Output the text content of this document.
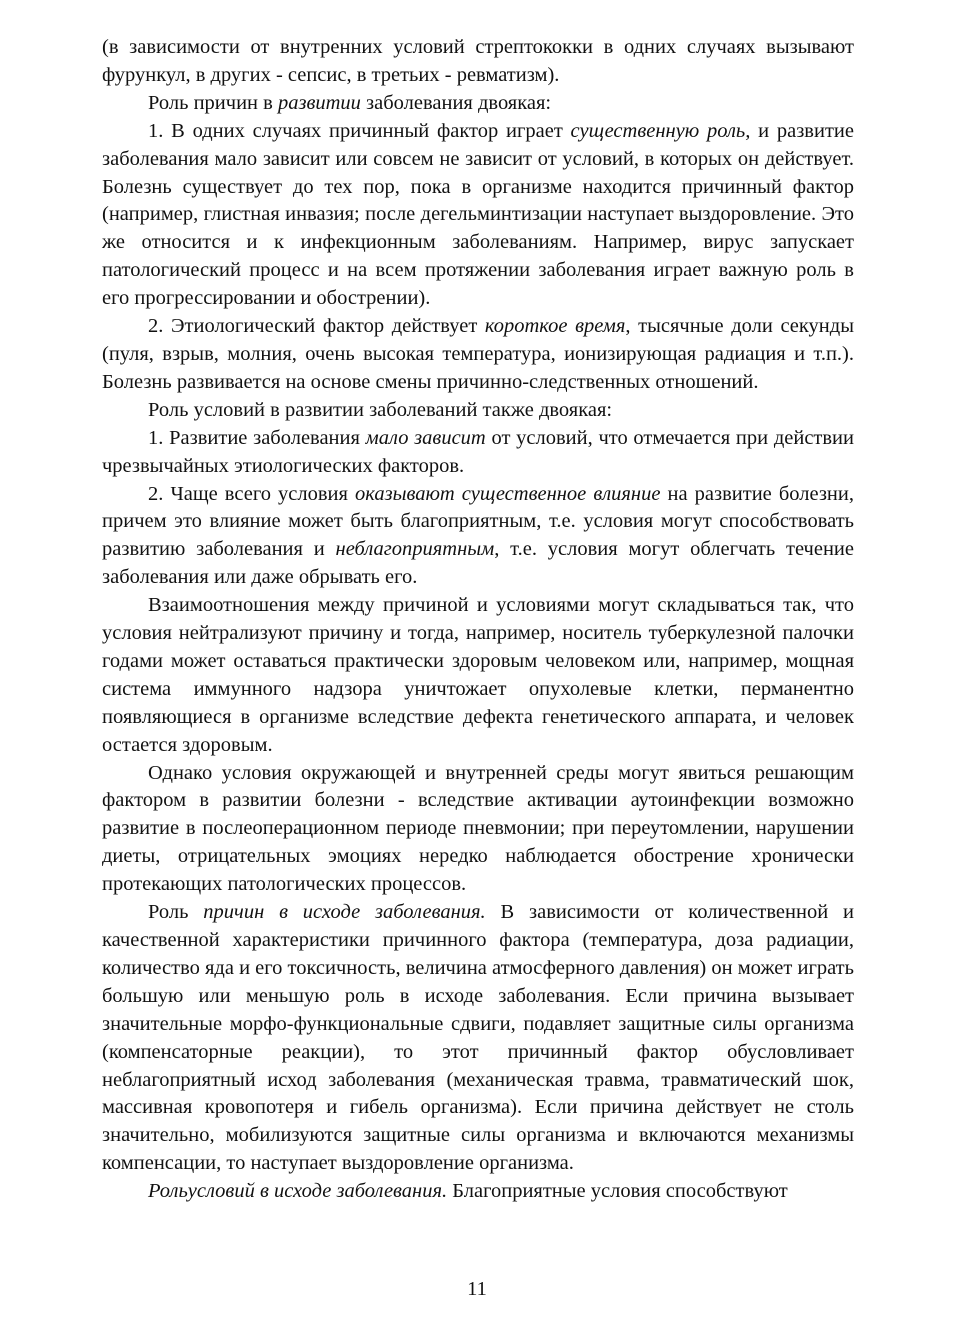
(в зависимости от внутренних условий стрептококки в одних случаях вызывают фурункул, в других - сепсис, в третьих - ревматизм).

Роль причин в развитии заболевания двоякая:

1. В одних случаях причинный фактор играет существенную роль, и развитие заболевания мало зависит или совсем не зависит от условий, в которых он действует. Болезнь существует до тех пор, пока в организме находится причинный фактор (например, глистная инвазия; после дегельминтизации наступает выздоровление. Это же относится и к инфекционным заболеваниям. Например, вирус запускает патологический процесс и на всем протяжении заболевания играет важную роль в его прогрессировании и обострении).

2. Этиологический фактор действует короткое время, тысячные доли секунды (пуля, взрыв, молния, очень высокая температура, ионизирующая радиация и т.п.). Болезнь развивается на основе смены причинно-следственных отношений.

Роль условий в развитии заболеваний также двоякая:

1. Развитие заболевания мало зависит от условий, что отмечается при действии чрезвычайных этиологических факторов.

2. Чаще всего условия оказывают существенное влияние на развитие болезни, причем это влияние может быть благоприятным, т.е. условия могут способствовать развитию заболевания и неблагоприятным, т.е. условия могут облегчать течение заболевания или даже обрывать его.

Взаимоотношения между причиной и условиями могут складываться так, что условия нейтрализуют причину и тогда, например, носитель туберкулезной палочки годами может оставаться практически здоровым человеком или, например, мощная система иммунного надзора уничтожает опухолевые клетки, перманентно появляющиеся в организме вследствие дефекта генетического аппарата, и человек остается здоровым.

Однако условия окружающей и внутренней среды могут явиться решающим фактором в развитии болезни - вследствие активации аутоинфекции возможно развитие в послеоперационном периоде пневмонии; при переутомлении, нарушении диеты, отрицательных эмоциях нередко наблюдается обострение хронически протекающих патологических процессов.

Роль причин в исходе заболевания. В зависимости от количественной и качественной характеристики причинного фактора (температура, доза радиации, количество яда и его токсичность, величина атмосферного давления) он может играть большую или меньшую роль в исходе заболевания. Если причина вызывает значительные морфо-функциональные сдвиги, подавляет защитные силы организма (компенсаторные реакции), то этот причинный фактор обусловливает неблагоприятный исход заболевания (механическая травма, травматический шок, массивная кровопотеря и гибель организма). Если причина действует не столь значительно, мобилизуются защитные силы организма и включаются механизмы компенсации, то наступает выздоровление организма.

Рольусловий в исходе заболевания. Благоприятные условия способствуют

11
